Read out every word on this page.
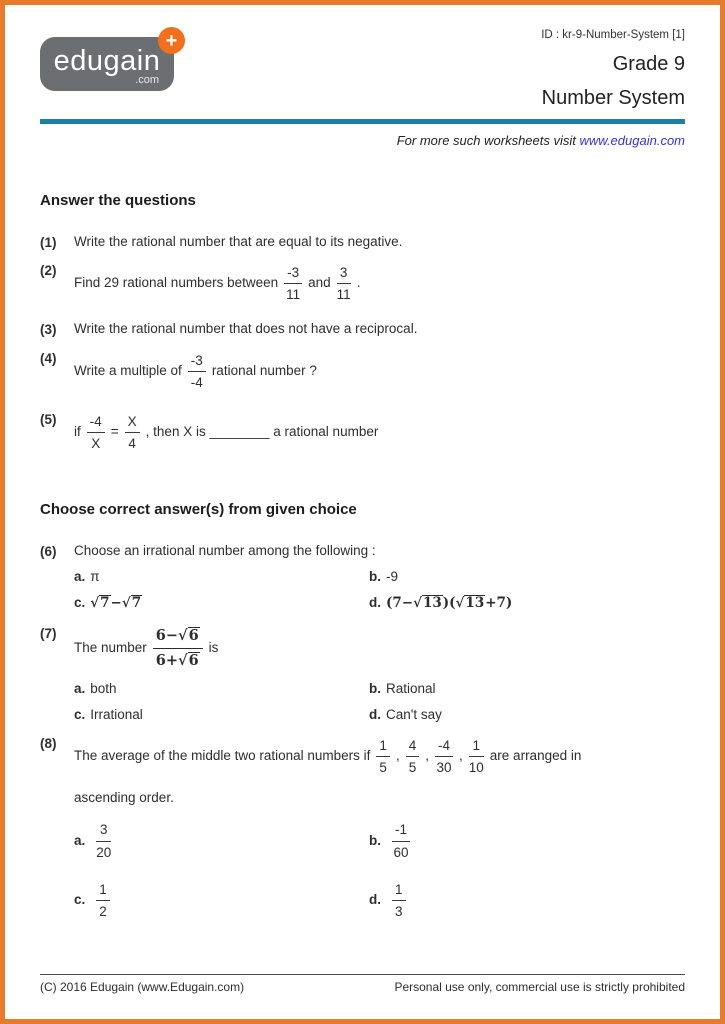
edugain
.com
+	ID : kr-9-Number-System [1]
Grade 9
Number System
For more such worksheets visit www.edugain.com
Answer the questions
(1)	Write the rational number that are equal to its negative.
(2)
Find 29 rational numbers between $\frac{-3}{11}$ and $\frac{3}{11}$ .
(3)	Write the rational number that does not have a reciprocal.
(4)
Write a multiple of $\frac{-3}{-4}$ rational number ?
(5)
if $\frac{-4}{X} = \frac{X}{4}$ , then X is ________ a rational number
Choose correct answer(s) from given choice
(6)	Choose an irrational number among the following :
a. π	b. -9
c. √7−√7	d. (7−√13)(√13+7)
(7)
The number
6−√6
6+√6
is
a. both	b. Rational
c. Irrational	d. Can't say
(8)
The average of the middle two rational numbers if $\frac{1}{5}$ , $\frac{4}{5}$ , $\frac{-4}{30}$ , $\frac{1}{10}$ are arranged in
ascending order.
a. $\frac{3}{20}$	b. $\frac{-1}{60}$
c. $\frac{1}{2}$	d. $\frac{1}{3}$
(C) 2016 Edugain (www.Edugain.com)	Personal use only, commercial use is strictly prohibited
